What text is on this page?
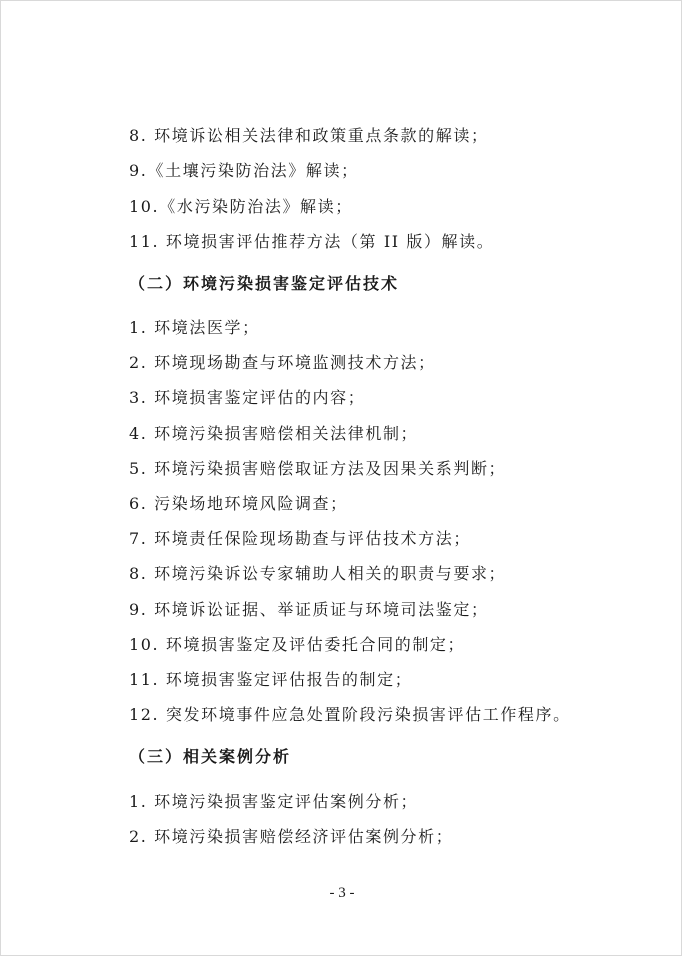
8. 环境诉讼相关法律和政策重点条款的解读；
9.《土壤污染防治法》解读；
10.《水污染防治法》解读；
11. 环境损害评估推荐方法（第 II 版）解读。
（二）环境污染损害鉴定评估技术
1. 环境法医学；
2. 环境现场勘查与环境监测技术方法；
3. 环境损害鉴定评估的内容；
4. 环境污染损害赔偿相关法律机制；
5. 环境污染损害赔偿取证方法及因果关系判断；
6. 污染场地环境风险调查；
7. 环境责任保险现场勘查与评估技术方法；
8. 环境污染诉讼专家辅助人相关的职责与要求；
9. 环境诉讼证据、举证质证与环境司法鉴定；
10. 环境损害鉴定及评估委托合同的制定；
11. 环境损害鉴定评估报告的制定；
12. 突发环境事件应急处置阶段污染损害评估工作程序。
（三）相关案例分析
1. 环境污染损害鉴定评估案例分析；
2. 环境污染损害赔偿经济评估案例分析；
- 3 -
